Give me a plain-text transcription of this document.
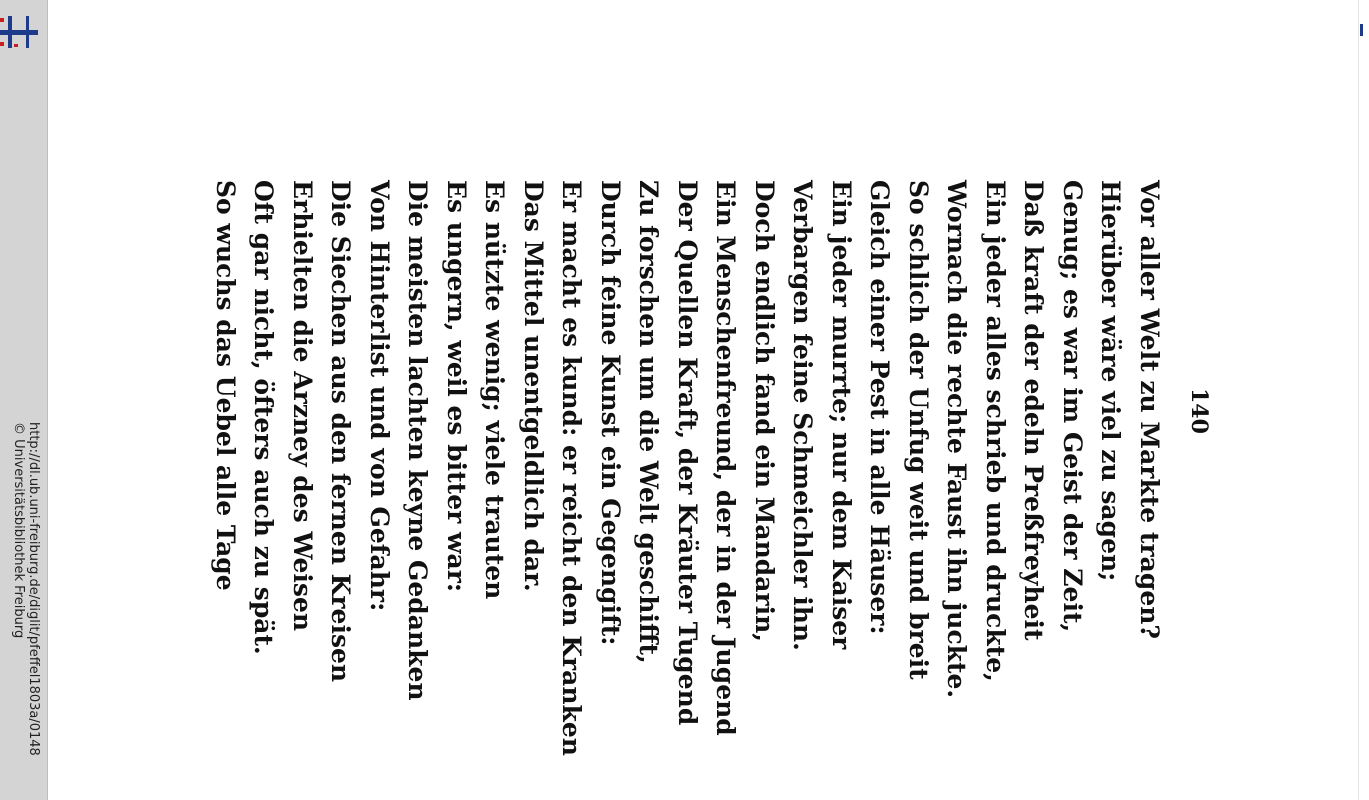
http://dl.ub.uni-freiburg.de/diglit/pfeffel1803a/0148
© Universitätsbibliothek Freiburg
140
Vor aller Welt zu Markte tragen?
Hierüber wäre viel zu sagen;
Genug; es war im Geist der Zeit,
Daß kraft der edeln Preßfreyheit
Ein jeder alles schrieb und druckte,
Wornach die rechte Faust ihn juckte.
So schlich der Unfug weit und breit
Gleich einer Pest in alle Häuser:
Ein jeder murrte; nur dem Kaiser
Verbargen feine Schmeichler ihn.
Doch endlich fand ein Mandarin,
Ein Menschenfreund, der in der Jugend
Der Quellen Kraft, der Kräuter Tugend
Zu forschen um die Welt geschifft,
Durch feine Kunst ein Gegengift:
Er macht es kund: er reicht den Kranken
Das Mittel unentgeldlich dar.
Es nützte wenig; viele trauten
Es ungern, weil es bitter war:
Die meisten lachten keyne Gedanken
Von Hinterlist und von Gefahr:
Die Siechen aus den fernen Kreisen
Erhielten die Arzney des Weisen
Oft gar nicht, öfters auch zu spät.
So wuchs das Uebel alle Tage
